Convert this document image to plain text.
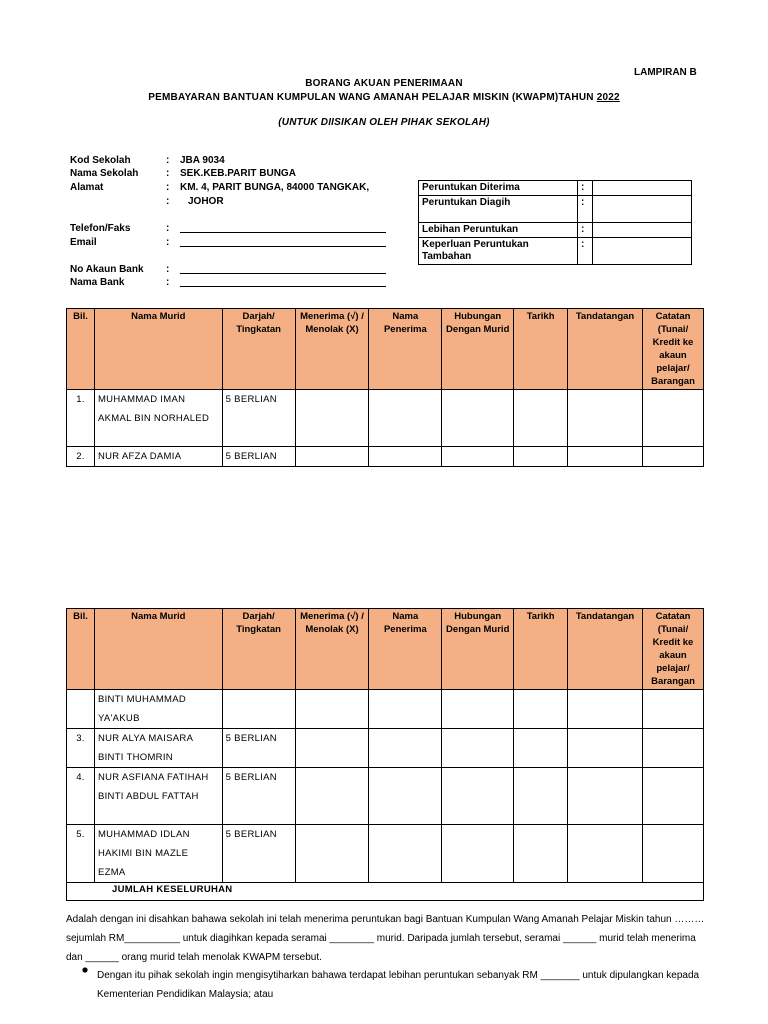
LAMPIRAN B
BORANG AKUAN PENERIMAAN
PEMBAYARAN BANTUAN KUMPULAN WANG AMANAH PELAJAR MISKIN (KWAPM)TAHUN 2022
(UNTUK DIISIKAN OLEH PIHAK SEKOLAH)
Kod Sekolah	: JBA 9034
Nama Sekolah	: SEK.KEB.PARIT BUNGA
Alamat	: KM. 4, PARIT BUNGA, 84000 TANGKAK,
JOHOR
:
Telefon/Faks	:
Email	:
No Akaun Bank :
Nama Bank	:
Peruntukan Diterima	:	
Peruntukan Diagih	:	
Lebihan Peruntukan	:	
Keperluan Peruntukan Tambahan	:	
Bil.	Nama Murid	Darjah/ Tingkatan	Menerima (√) / Menolak (X)	Nama Penerima	Hubungan Dengan Murid	Tarikh	Tandatangan	Catatan (Tunai/ Kredit ke akaun pelajar/ Barangan
1.	MUHAMMAD IMAN AKMAL BIN NORHALED	5 BERLIAN						
2.	NUR AFZA DAMIA	5 BERLIAN						
Bil.	Nama Murid	Darjah/ Tingkatan	Menerima (√) / Menolak (X)	Nama Penerima	Hubungan Dengan Murid	Tarikh	Tandatangan	Catatan (Tunai/ Kredit ke akaun pelajar/ Barangan
	BINTI MUHAMMAD YA'AKUB							
3.	NUR ALYA MAISARA BINTI THOMRIN	5 BERLIAN						
4.	NUR ASFIANA FATIHAH BINTI ABDUL FATTAH	5 BERLIAN						
5.	MUHAMMAD IDLAN HAKIMI BIN MAZLE EZMA	5 BERLIAN						
JUMLAH KESELURUHAN								
Adalah dengan ini disahkan bahawa sekolah ini telah menerima peruntukan bagi Bantuan Kumpulan Wang Amanah Pelajar Miskin tahun ……… sejumlah RM__________ untuk diagihkan kepada seramai ________ murid. Daripada jumlah tersebut, seramai ______ murid telah menerima dan ______ orang murid telah menolak KWAPM tersebut.
Dengan itu pihak sekolah ingin mengisytiharkan bahawa terdapat lebihan peruntukan sebanyak RM _______ untuk dipulangkan kepada Kementerian Pendidikan Malaysia; atau
